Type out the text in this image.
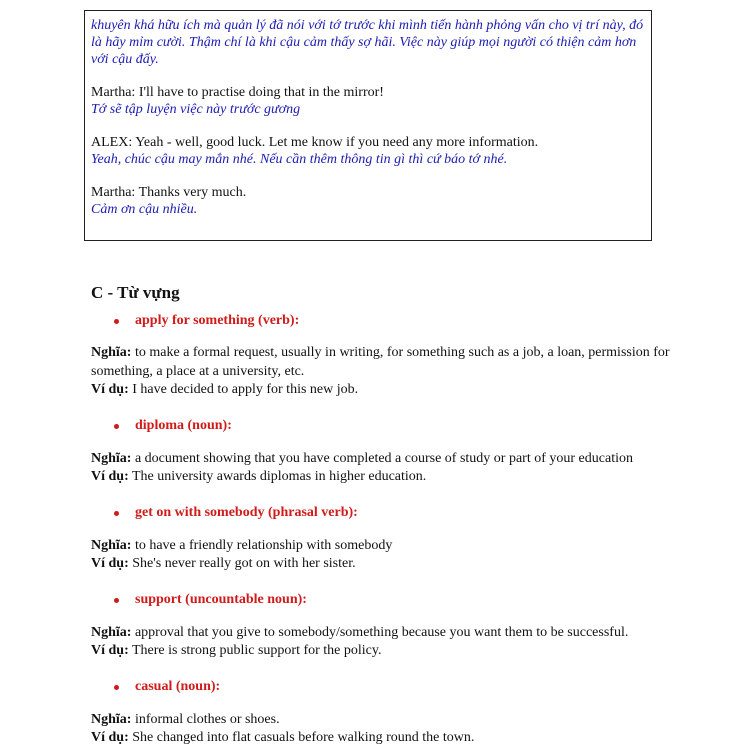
khuyên khá hữu ích mà quản lý đã nói với tớ trước khi mình tiến hành phỏng vấn cho vị trí này, đó là hãy mỉm cười. Thậm chí là khi cậu cảm thấy sợ hãi. Việc này giúp mọi người có thiện cảm hơn với cậu đấy.
Martha: I'll have to practise doing that in the mirror!
Tớ sẽ tập luyện việc này trước gương
ALEX: Yeah - well, good luck. Let me know if you need any more information.
Yeah, chúc cậu may mắn nhé. Nếu cần thêm thông tin gì thì cứ báo tớ nhé.
Martha: Thanks very much.
Cảm ơn cậu nhiều.
C - Từ vựng
apply for something (verb):
Nghĩa: to make a formal request, usually in writing, for something such as a job, a loan, permission for something, a place at a university, etc.
Ví dụ: I have decided to apply for this new job.
diploma (noun):
Nghĩa: a document showing that you have completed a course of study or part of your education
Ví dụ: The university awards diplomas in higher education.
get on with somebody (phrasal verb):
Nghĩa: to have a friendly relationship with somebody
Ví dụ: She's never really got on with her sister.
support (uncountable noun):
Nghĩa: approval that you give to somebody/something because you want them to be successful.
Ví dụ: There is strong public support for the policy.
casual (noun):
Nghĩa: informal clothes or shoes.
Ví dụ: She changed into flat casuals before walking round the town.
